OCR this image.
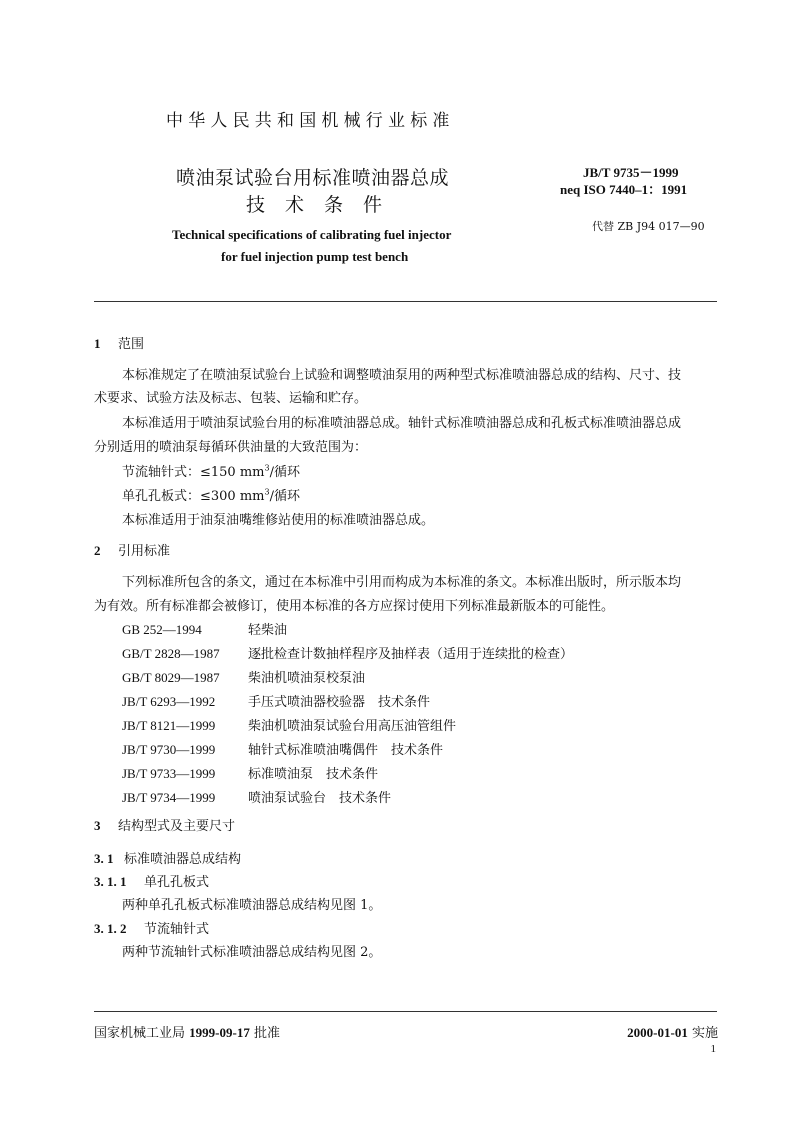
中华人民共和国机械行业标准
喷油泵试验台用标准喷油器总成
技术条件
Technical specifications of calibrating fuel injector
for fuel injection pump test bench
JB/T 9735－1999
neq ISO 7440–1：1991
代替 ZB J94 017—90
1 范围
本标准规定了在喷油泵试验台上试验和调整喷油泵用的两种型式标准喷油器总成的结构、尺寸、技
术要求、试验方法及标志、包装、运输和贮存。
本标准适用于喷油泵试验台用的标准喷油器总成。轴针式标准喷油器总成和孔板式标准喷油器总成
分别适用的喷油泵每循环供油量的大致范围为：
节流轴针式：≤150 $mm^3/$循环
单孔孔板式：≤300 $mm^3/$循环
本标准适用于油泵油嘴维修站使用的标准喷油器总成。
2 引用标准
下列标准所包含的条文，通过在本标准中引用而构成为本标准的条文。本标准出版时，所示版本均
为有效。所有标准都会被修订，使用本标准的各方应探讨使用下列标准最新版本的可能性。
GB 252—1994	轻柴油
GB/T 2828—1987 逐批检查计数抽样程序及抽样表（适用于连续批的检查）
GB/T 8029—1987 柴油机喷油泵校泵油
JB/T 6293—1992	手压式喷油器校验器　技术条件
JB/T 8121—1999	柴油机喷油泵试验台用高压油管组件
JB/T 9730—1999	轴针式标准喷油嘴偶件　技术条件
JB/T 9733—1999	标准喷油泵　技术条件
JB/T 9734—1999	喷油泵试验台　技术条件
3 结构型式及主要尺寸
3. 1 标准喷油器总成结构
3. 1. 1 单孔孔板式
两种单孔孔板式标准喷油器总成结构见图 1。
3. 1. 2 节流轴针式
两种节流轴针式标准喷油器总成结构见图 2。
国家机械工业局 1999-09-17 批准	2000-01-01 实施
1
